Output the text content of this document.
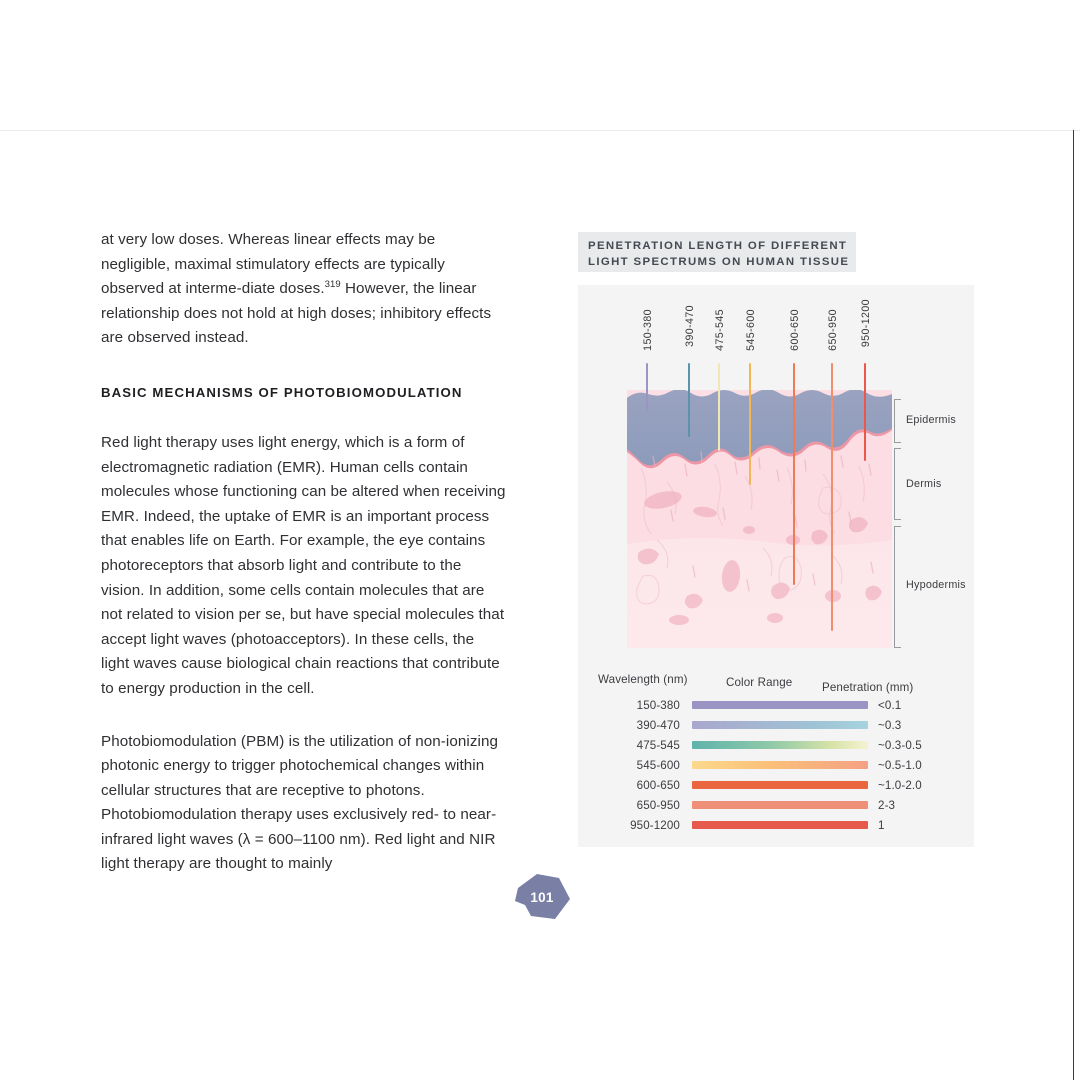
at very low doses. Whereas linear effects may be negligible, maximal stimulatory effects are typically observed at interme-diate doses.$^{319}$ However, the linear relationship does not hold at high doses; inhibitory effects are observed instead.

BASIC MECHANISMS OF PHOTOBIOMODULATION

Red light therapy uses light energy, which is a form of electromagnetic radiation (EMR). Human cells contain molecules whose functioning can be altered when receiving EMR. Indeed, the uptake of EMR is an important process that enables life on Earth. For example, the eye contains photoreceptors that absorb light and contribute to the vision. In addition, some cells contain molecules that are not related to vision per se, but have special molecules that accept light waves (photoacceptors). In these cells, the light waves cause biological chain reactions that contribute to energy production in the cell.

Photobiomodulation (PBM) is the utilization of non-ionizing photonic energy to trigger photochemical changes within cellular structures that are receptive to photons. Photobiomodulation therapy uses exclusively red- to near-infrared light waves (λ = 600–1100 nm). Red light and NIR light therapy are thought to mainly

PENETRATION LENGTH OF DIFFERENT
LIGHT SPECTRUMS ON HUMAN TISSUE
150-380	390-470 475-545 545-600	600-650 650-950 950-1200
Epidermis
Dermis
Hypodermis
Wavelength (nm)	Color Range	Penetration (mm)
150-380	<0.1
390-470	~0.3
475-545	~0.3-0.5
545-600	~0.5-1.0
600-650	~1.0-2.0
650-950	2-3
950-1200	1
101
